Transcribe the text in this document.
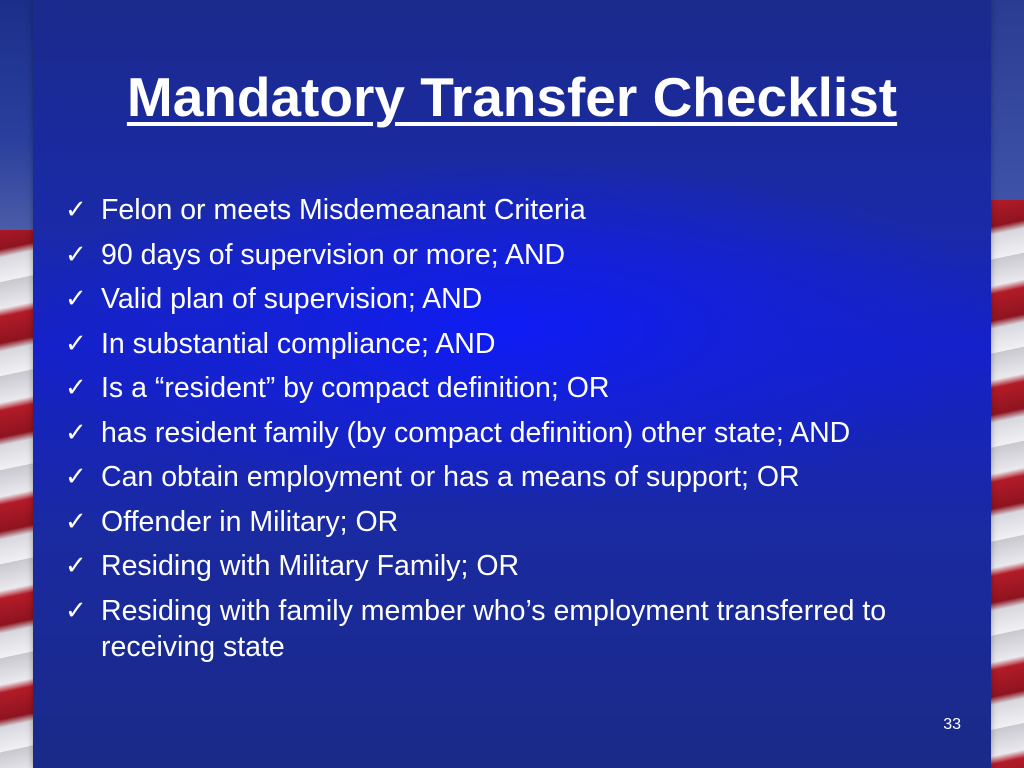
Mandatory Transfer Checklist
✓ Felon or meets Misdemeanant Criteria
✓ 90 days of supervision or more; AND
✓ Valid plan of supervision; AND
✓ In substantial compliance; AND
✓ Is a “resident” by compact definition; OR
✓ has resident family (by compact definition) other state; AND
✓ Can obtain employment or has a means of support; OR
✓ Offender in Military; OR
✓ Residing with Military Family; OR
✓ Residing with family member who’s employment transferred to receiving state
33
